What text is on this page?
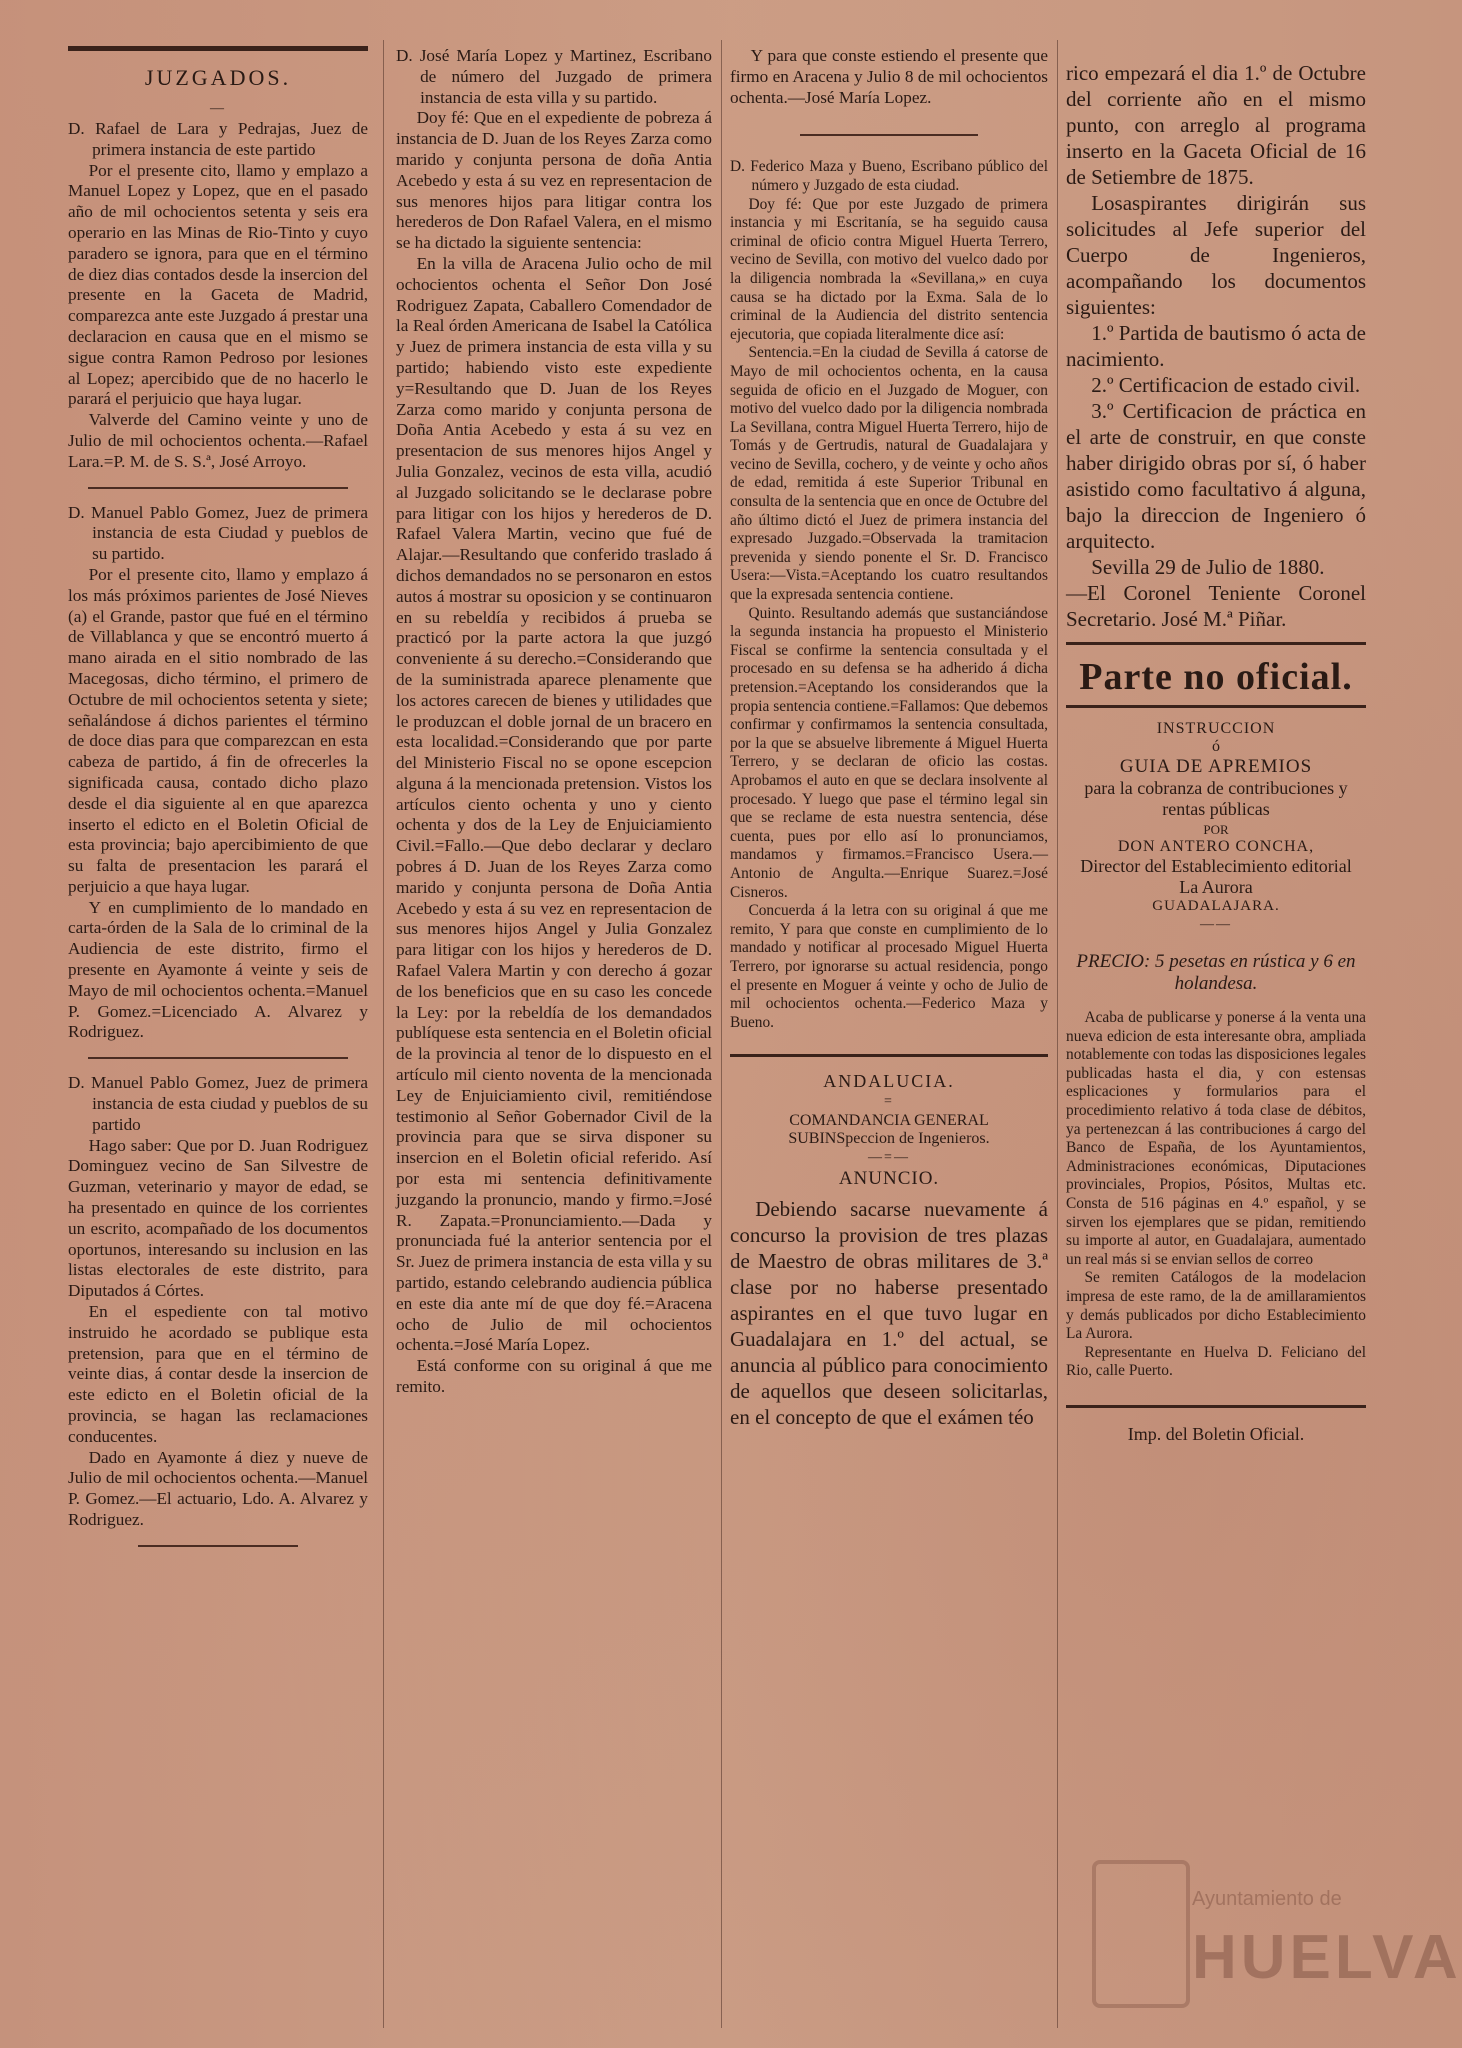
JUZGADOS.
—

D. Rafael de Lara y Pedrajas, Juez de primera instancia de este partido

Por el presente cito, llamo y emplazo a Manuel Lopez y Lopez, que en el pasado año de mil ochocientos setenta y seis era operario en las Minas de Rio-Tinto y cuyo paradero se ignora, para que en el término de diez dias contados desde la insercion del presente en la Gaceta de Madrid, comparezca ante este Juzgado á prestar una declaracion en causa que en el mismo se sigue contra Ramon Pedroso por lesiones al Lopez; apercibido que de no hacerlo le parará el perjuicio que haya lugar.

Valverde del Camino veinte y uno de Julio de mil ochocientos ochenta.—Rafael Lara.=P. M. de S. S.ª, José Arroyo.

D. Manuel Pablo Gomez, Juez de primera instancia de esta Ciudad y pueblos de su partido.

Por el presente cito, llamo y emplazo á los más próximos parientes de José Nieves (a) el Grande, pastor que fué en el término de Villablanca y que se encontró muerto á mano airada en el sitio nombrado de las Macegosas, dicho término, el primero de Octubre de mil ochocientos setenta y siete; señalándose á dichos parientes el término de doce dias para que comparezcan en esta cabeza de partido, á fin de ofrecerles la significada causa, contado dicho plazo desde el dia siguiente al en que aparezca inserto el edicto en el Boletin Oficial de esta provincia; bajo apercibimiento de que su falta de presentacion les parará el perjuicio a que haya lugar.

Y en cumplimiento de lo mandado en carta-órden de la Sala de lo criminal de la Audiencia de este distrito, firmo el presente en Ayamonte á veinte y seis de Mayo de mil ochocientos ochenta.=Manuel P. Gomez.=Licenciado A. Alvarez y Rodriguez.

D. Manuel Pablo Gomez, Juez de primera instancia de esta ciudad y pueblos de su partido

Hago saber: Que por D. Juan Rodriguez Dominguez vecino de San Silvestre de Guzman, veterinario y mayor de edad, se ha presentado en quince de los corrientes un escrito, acompañado de los documentos oportunos, interesando su inclusion en las listas electorales de este distrito, para Diputados á Córtes.

En el espediente con tal motivo instruido he acordado se publique esta pretension, para que en el término de veinte dias, á contar desde la insercion de este edicto en el Boletin oficial de la provincia, se hagan las reclamaciones conducentes.

Dado en Ayamonte á diez y nueve de Julio de mil ochocientos ochenta.—Manuel P. Gomez.—El actuario, Ldo. A. Alvarez y Rodriguez.

D. José María Lopez y Martinez, Escribano de número del Juzgado de primera instancia de esta villa y su partido.

Doy fé: Que en el expediente de pobreza á instancia de D. Juan de los Reyes Zarza como marido y conjunta persona de doña Antia Acebedo y esta á su vez en representacion de sus menores hijos para litigar contra los herederos de Don Rafael Valera, en el mismo se ha dictado la siguiente sentencia:

En la villa de Aracena Julio ocho de mil ochocientos ochenta el Señor Don José Rodriguez Zapata, Caballero Comendador de la Real órden Americana de Isabel la Católica y Juez de primera instancia de esta villa y su partido; habiendo visto este expediente y=Resultando que D. Juan de los Reyes Zarza como marido y conjunta persona de Doña Antia Acebedo y esta á su vez en presentacion de sus menores hijos Angel y Julia Gonzalez, vecinos de esta villa, acudió al Juzgado solicitando se le declarase pobre para litigar con los hijos y herederos de D. Rafael Valera Martin, vecino que fué de Alajar.—Resultando que conferido traslado á dichos demandados no se personaron en estos autos á mostrar su oposicion y se continuaron en su rebeldía y recibidos á prueba se practicó por la parte actora la que juzgó conveniente á su derecho.=Considerando que de la suministrada aparece plenamente que los actores carecen de bienes y utilidades que le produzcan el doble jornal de un bracero en esta localidad.=Considerando que por parte del Ministerio Fiscal no se opone escepcion alguna á la mencionada pretension. Vistos los artículos ciento ochenta y uno y ciento ochenta y dos de la Ley de Enjuiciamiento Civil.=Fallo.—Que debo declarar y declaro pobres á D. Juan de los Reyes Zarza como marido y conjunta persona de Doña Antia Acebedo y esta á su vez en representacion de sus menores hijos Angel y Julia Gonzalez para litigar con los hijos y herederos de D. Rafael Valera Martin y con derecho á gozar de los beneficios que en su caso les concede la Ley: por la rebeldía de los demandados publíquese esta sentencia en el Boletin oficial de la provincia al tenor de lo dispuesto en el artículo mil ciento noventa de la mencionada Ley de Enjuiciamiento civil, remitiéndose testimonio al Señor Gobernador Civil de la provincia para que se sirva disponer su insercion en el Boletin oficial referido. Así por esta mi sentencia definitivamente juzgando la pronuncio, mando y firmo.=José R. Zapata.=Pronunciamiento.—Dada y pronunciada fué la anterior sentencia por el Sr. Juez de primera instancia de esta villa y su partido, estando celebrando audiencia pública en este dia ante mí de que doy fé.=Aracena ocho de Julio de mil ochocientos ochenta.=José María Lopez.

Está conforme con su original á que me remito.

Y para que conste estiendo el presente que firmo en Aracena y Julio 8 de mil ochocientos ochenta.—José María Lopez.

D. Federico Maza y Bueno, Escribano público del número y Juzgado de esta ciudad.

Doy fé: Que por este Juzgado de primera instancia y mi Escritanía, se ha seguido causa criminal de oficio contra Miguel Huerta Terrero, vecino de Sevilla, con motivo del vuelco dado por la diligencia nombrada la «Sevillana,» en cuya causa se ha dictado por la Exma. Sala de lo criminal de la Audiencia del distrito sentencia ejecutoria, que copiada literalmente dice así:

Sentencia.=En la ciudad de Sevilla á catorse de Mayo de mil ochocientos ochenta, en la causa seguida de oficio en el Juzgado de Moguer, con motivo del vuelco dado por la diligencia nombrada La Sevillana, contra Miguel Huerta Terrero, hijo de Tomás y de Gertrudis, natural de Guadalajara y vecino de Sevilla, cochero, y de veinte y ocho años de edad, remitida á este Superior Tribunal en consulta de la sentencia que en once de Octubre del año último dictó el Juez de primera instancia del expresado Juzgado.=Observada la tramitacion prevenida y siendo ponente el Sr. D. Francisco Usera:—Vista.=Aceptando los cuatro resultandos que la expresada sentencia contiene.

Quinto. Resultando además que sustanciándose la segunda instancia ha propuesto el Ministerio Fiscal se confirme la sentencia consultada y el procesado en su defensa se ha adherido á dicha pretension.=Aceptando los considerandos que la propia sentencia contiene.=Fallamos: Que debemos confirmar y confirmamos la sentencia consultada, por la que se absuelve libremente á Miguel Huerta Terrero, y se declaran de oficio las costas. Aprobamos el auto en que se declara insolvente al procesado. Y luego que pase el término legal sin que se reclame de esta nuestra sentencia, dése cuenta, pues por ello así lo pronunciamos, mandamos y firmamos.=Francisco Usera.—Antonio de Angulta.—Enrique Suarez.=José Cisneros.

Concuerda á la letra con su original á que me remito, Y para que conste en cumplimiento de lo mandado y notificar al procesado Miguel Huerta Terrero, por ignorarse su actual residencia, pongo el presente en Moguer á veinte y ocho de Julio de mil ochocientos ochenta.—Federico Maza y Bueno.

ANDALUCIA.
=
COMANDANCIA GENERAL SUBINSpeccion de Ingenieros.
—=—
ANUNCIO.

Debiendo sacarse nuevamente á concurso la provision de tres plazas de Maestro de obras militares de 3.ª clase por no haberse presentado aspirantes en el que tuvo lugar en Guadalajara en 1.º del actual, se anuncia al público para conocimiento de aquellos que deseen solicitarlas, en el concepto de que el exámen téo

rico empezará el dia 1.º de Octubre del corriente año en el mismo punto, con arreglo al programa inserto en la Gaceta Oficial de 16 de Setiembre de 1875.

Losaspirantes dirigirán sus solicitudes al Jefe superior del Cuerpo de Ingenieros, acompañando los documentos siguientes:

1.º Partida de bautismo ó acta de nacimiento.

2.º Certificacion de estado civil.

3.º Certificacion de práctica en el arte de construir, en que conste haber dirigido obras por sí, ó haber asistido como facultativo á alguna, bajo la direccion de Ingeniero ó arquitecto.

Sevilla 29 de Julio de 1880.

—El Coronel Teniente Coronel Secretario. José M.ª Piñar.

Parte no oficial.
INSTRUCCION
ó
GUIA DE APREMIOS
para la cobranza de contribuciones y rentas públicas
POR
DON ANTERO CONCHA,
Director del Establecimiento editorial La Aurora
GUADALAJARA.
——
PRECIO: 5 pesetas en rústica y 6 en holandesa.

Acaba de publicarse y ponerse á la venta una nueva edicion de esta interesante obra, ampliada notablemente con todas las disposiciones legales publicadas hasta el dia, y con estensas esplicaciones y formularios para el procedimiento relativo á toda clase de débitos, ya pertenezcan á las contribuciones á cargo del Banco de España, de los Ayuntamientos, Administraciones económicas, Diputaciones provinciales, Propios, Pósitos, Multas etc. Consta de 516 páginas en 4.º español, y se sirven los ejemplares que se pidan, remitiendo su importe al autor, en Guadalajara, aumentado un real más si se envian sellos de correo

Se remiten Catálogos de la modelacion impresa de este ramo, de la de amillaramientos y demás publicados por dicho Establecimiento La Aurora.

Representante en Huelva D. Feliciano del Rio, calle Puerto.

Imp. del Boletin Oficial.
Ayuntamiento de
HUELVA
